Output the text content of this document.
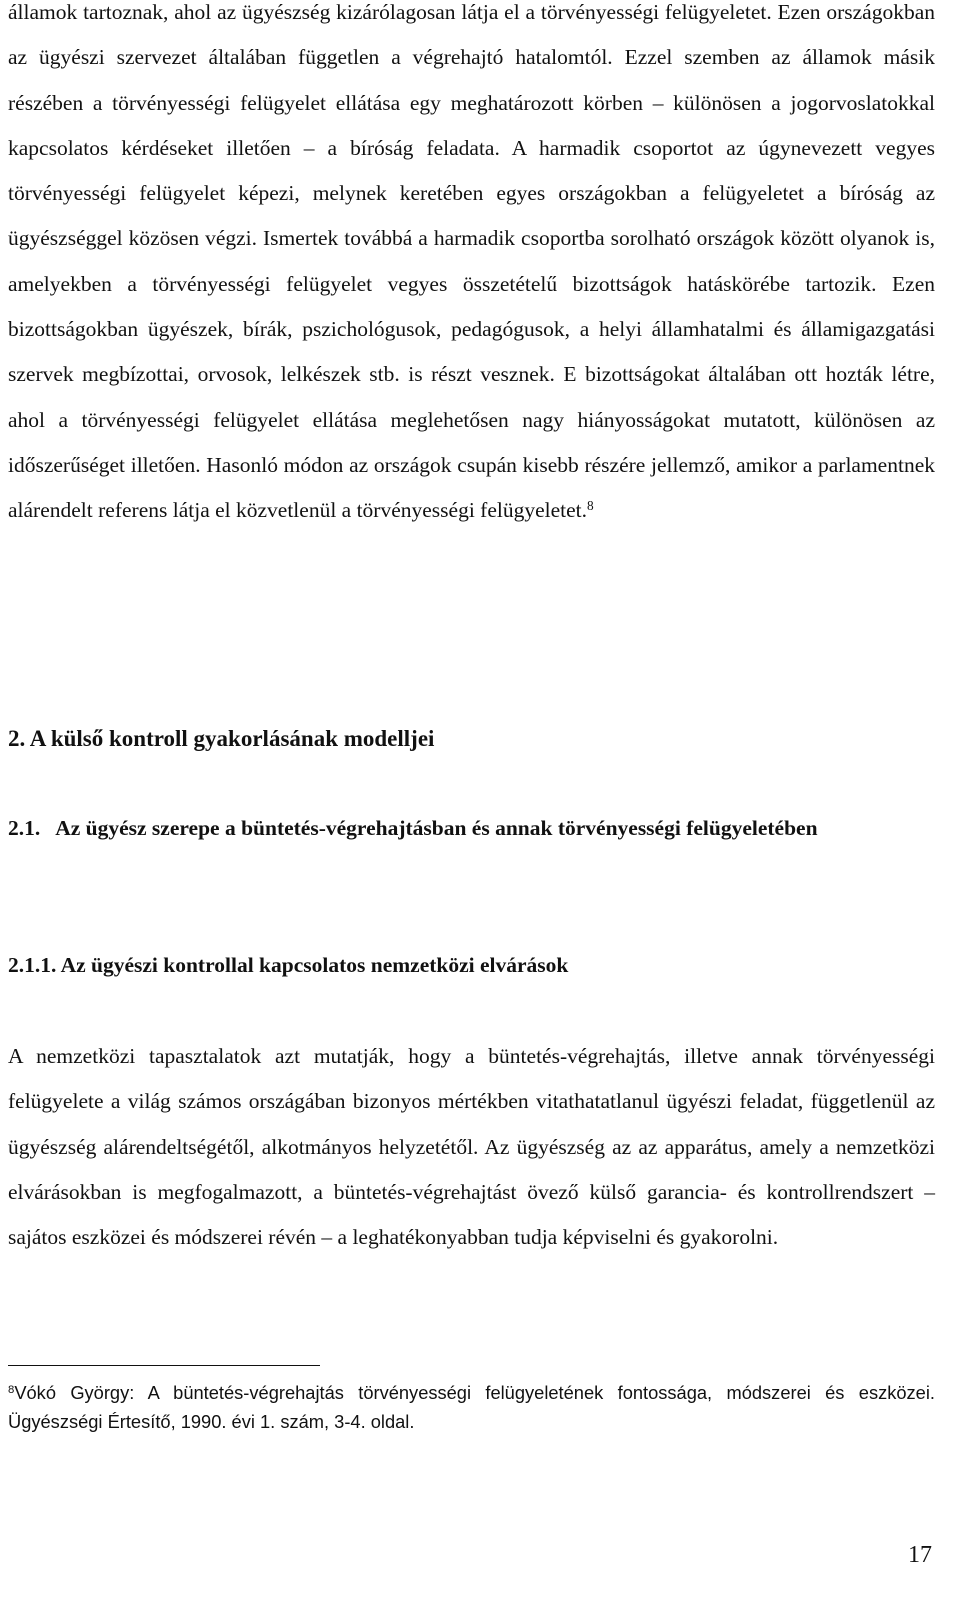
államok tartoznak, ahol az ügyészség kizárólagosan látja el a törvényességi felügyeletet. Ezen országokban az ügyészi szervezet általában független a végrehajtó hatalomtól. Ezzel szemben az államok másik részében a törvényességi felügyelet ellátása egy meghatározott körben – különösen a jogorvoslatokkal kapcsolatos kérdéseket illetően – a bíróság feladata. A harmadik csoportot az úgynevezett vegyes törvényességi felügyelet képezi, melynek keretében egyes országokban a felügyeletet a bíróság az ügyészséggel közösen végzi. Ismertek továbbá a harmadik csoportba sorolható országok között olyanok is, amelyekben a törvényességi felügyelet vegyes összetételű bizottságok hatáskörébe tartozik. Ezen bizottságokban ügyészek, bírák, pszichológusok, pedagógusok, a helyi államhatalmi és államigazgatási szervek megbízottai, orvosok, lelkészek stb. is részt vesznek. E bizottságokat általában ott hozták létre, ahol a törvényességi felügyelet ellátása meglehetősen nagy hiányosságokat mutatott, különösen az időszerűséget illetően. Hasonló módon az országok csupán kisebb részére jellemző, amikor a parlamentnek alárendelt referens látja el közvetlenül a törvényességi felügyeletet.$^8$

2. A külső kontroll gyakorlásának modelljei
2.1.   Az ügyész szerepe a büntetés-végrehajtásban és annak törvényességi felügyeletében
2.1.1. Az ügyészi kontrollal kapcsolatos nemzetközi elvárások

A nemzetközi tapasztalatok azt mutatják, hogy a büntetés-végrehajtás, illetve annak törvényességi felügyelete a világ számos országában bizonyos mértékben vitathatatlanul ügyészi feladat, függetlenül az ügyészség alárendeltségétől, alkotmányos helyzetétől. Az ügyészség az az apparátus, amely a nemzetközi elvárásokban is megfogalmazott, a büntetés-végrehajtást övező külső garancia- és kontrollrendszert – sajátos eszközei és módszerei révén – a leghatékonyabban tudja képviselni és gyakorolni.

$^8$Vókó György: A büntetés-végrehajtás törvényességi felügyeletének fontossága, módszerei és eszközei. Ügyészségi Értesítő, 1990. évi 1. szám, 3-4. oldal.

17
